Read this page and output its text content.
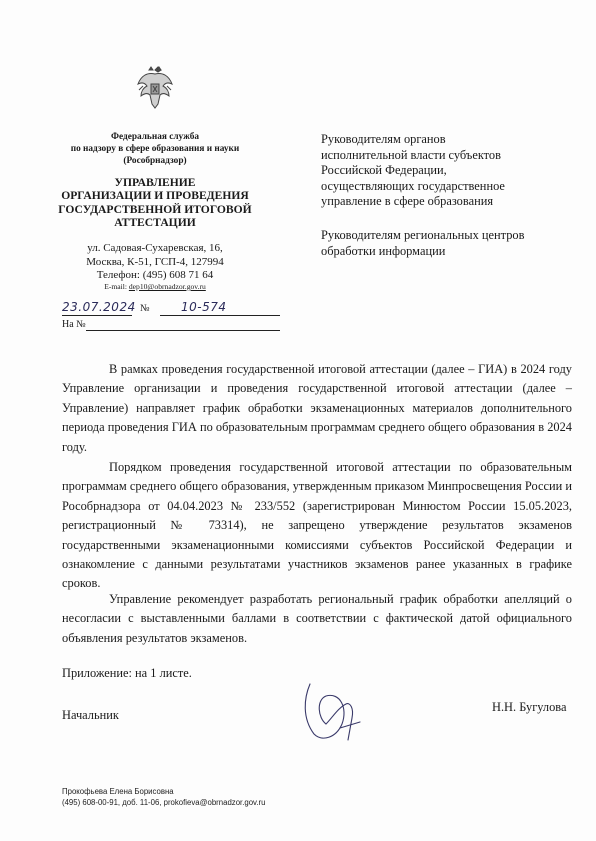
Федеральная служба
по надзору в сфере образования и науки
(Рособрнадзор)
УПРАВЛЕНИЕ
ОРГАНИЗАЦИИ И ПРОВЕДЕНИЯ
ГОСУДАРСТВЕННОЙ ИТОГОВОЙ
АТТЕСТАЦИИ
ул. Садовая-Сухаревская, 16,
Москва, К-51, ГСП-4, 127994
Телефон: (495) 608 71 64
E-mail: dep10@obrnadzor.gov.ru
23.07.2024 №	10-574
На №
Руководителям органов
исполнительной власти субъектов
Российской Федерации,
осуществляющих государственное
управление в сфере образования
Руководителям региональных центров
обработки информации
В рамках проведения государственной итоговой аттестации (далее – ГИА) в 2024 году Управление организации и проведения государственной итоговой аттестации (далее – Управление) направляет график обработки экзаменационных материалов дополнительного периода проведения ГИА по образовательным программам среднего общего образования в 2024 году.
Порядком проведения государственной итоговой аттестации по образовательным программам среднего общего образования, утвержденным приказом Минпросвещения России и Рособрнадзора от 04.04.2023 № 233/552 (зарегистрирован Минюстом России 15.05.2023, регистрационный № 73314), не запрещено утверждение результатов экзаменов государственными экзаменационными комиссиями субъектов Российской Федерации и ознакомление с данными результатами участников экзаменов ранее указанных в графике сроков.
Управление рекомендует разработать региональный график обработки апелляций о несогласии с выставленными баллами в соответствии с фактической датой официального объявления результатов экзаменов.
Приложение: на 1 листе.
Начальник
Н.Н. Бугулова
Прокофьева Елена Борисовна
(495) 608-00-91, доб. 11-06, prokofieva@obrnadzor.gov.ru
